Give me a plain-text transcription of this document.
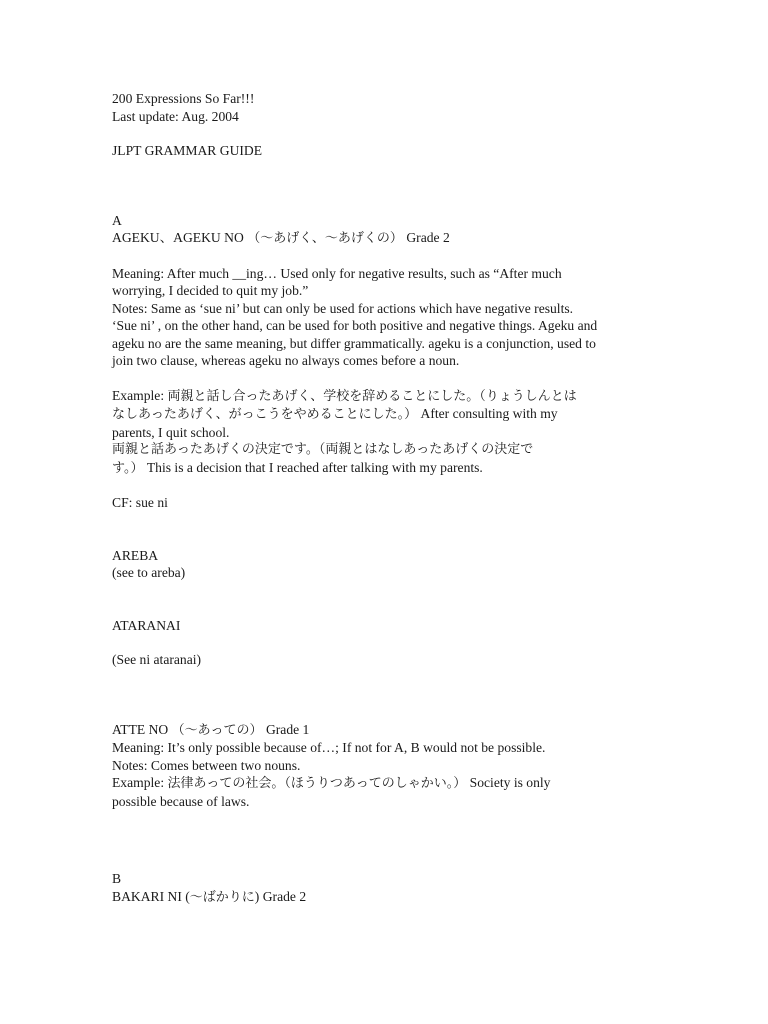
200 Expressions So Far!!!
Last update: Aug. 2004
JLPT GRAMMAR GUIDE
A
AGEKU、AGEKU NO （〜あげく、〜あげくの） Grade 2
Meaning: After much __ing… Used only for negative results, such as “After much
worrying, I decided to quit my job.”
Notes: Same as ‘sue ni’ but can only be used for actions which have negative results.
‘Sue ni’ , on the other hand, can be used for both positive and negative things. Ageku and
ageku no are the same meaning, but differ grammatically. ageku is a conjunction, used to
join two clause, whereas ageku no always comes before a noun.
Example: 両親と話し合ったあげく、学校を辞めることにした。（りょうしんとは
なしあったあげく、がっこうをやめることにした。） After consulting with my
parents, I quit school.
両親と話あったあげくの決定です。（両親とはなしあったあげくの決定で
す。） This is a decision that I reached after talking with my parents.
CF: sue ni
AREBA
(see to areba)
ATARANAI
(See ni ataranai)
ATTE NO （〜あっての） Grade 1
Meaning: It’s only possible because of…; If not for A, B would not be possible.
Notes: Comes between two nouns.
Example: 法律あっての社会。（ほうりつあってのしゃかい。） Society is only
possible because of laws.
B
BAKARI NI (〜ばかりに) Grade 2
